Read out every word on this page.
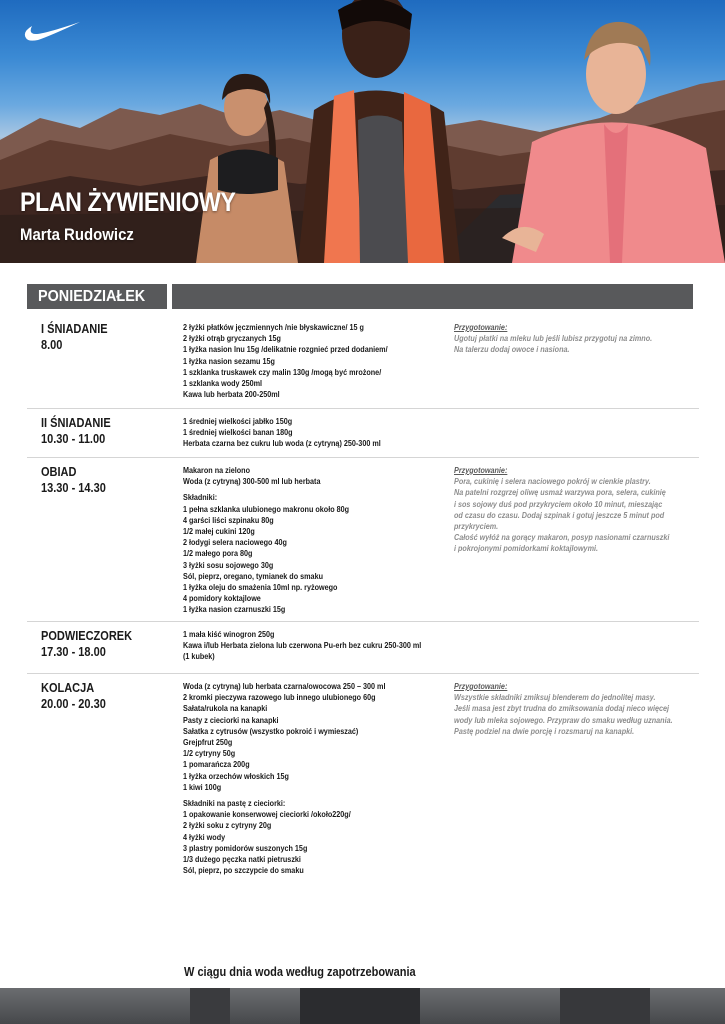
PLAN ŻYWIENIOWY
Marta Rudowicz
PONIEDZIAŁEK
I ŚNIADANIE
8.00
2 łyżki płatków jęczmiennych /nie błyskawiczne/ 15 g
2 łyżki otrąb gryczanych 15g
1 łyżka nasion lnu 15g /delikatnie rozgnieć przed dodaniem/
1 łyżka nasion sezamu 15g
1 szklanka truskawek czy malin 130g /mogą być mrożone/
1 szklanka wody 250ml
Kawa lub herbata 200-250ml
Przygotowanie:
Ugotuj płatki na mleku lub jeśli lubisz przygotuj na zimno.
Na talerzu dodaj owoce i nasiona.
II ŚNIADANIE
10.30 - 11.00
1 średniej wielkości jabłko 150g
1 średniej wielkości banan 180g
Herbata czarna bez cukru lub woda (z cytryną) 250-300 ml
OBIAD
13.30 - 14.30
Makaron na zielono
Woda (z cytryną) 300-500 ml lub herbata
Składniki:
1 pełna szklanka ulubionego makronu około 80g
4 garści liści szpinaku 80g
1/2 małej cukini 120g
2 łodygi selera naciowego 40g
1/2 małego pora 80g
3 łyżki sosu sojowego 30g
Sól, pieprz, oregano, tymianek do smaku
1 łyżka oleju do smażenia 10ml np. ryżowego
4 pomidory koktajlowe
1 łyżka nasion czarnuszki 15g
Przygotowanie:
Pora, cukinię i selera naciowego pokrój w cienkie plastry.
Na patelni rozgrzej oliwę usmaż warzywa pora, selera, cukinię
i sos sojowy duś pod przykryciem około 10 minut, mieszając
od czasu do czasu. Dodaj szpinak i gotuj jeszcze 5 minut pod
przykryciem.
Całość wyłóż na gorący makaron, posyp nasionami czarnuszki
i pokrojonymi pomidorkami koktajlowymi.
PODWIECZOREK
17.30 - 18.00
1 mała kiść winogron 250g
Kawa i/lub Herbata zielona lub czerwona Pu-erh bez cukru 250-300 ml
(1 kubek)
KOLACJA
20.00 - 20.30
Woda (z cytryną) lub herbata czarna/owocowa 250 – 300 ml
2 kromki pieczywa razowego lub innego ulubionego 60g
Sałata/rukola na kanapki
Pasty z cieciorki na kanapki
Sałatka z cytrusów (wszystko pokroić i wymieszać)
Grejpfrut 250g
1/2 cytryny 50g
1 pomarańcza 200g
1 łyżka orzechów włoskich 15g
1 kiwi 100g
Składniki na pastę z cieciorki:
1 opakowanie konserwowej cieciorki /około220g/
2 łyżki soku z cytryny 20g
4 łyżki wody
3 plastry pomidorów suszonych 15g
1/3 dużego pęczka natki pietruszki
Sól, pieprz, po szczypcie do smaku
Przygotowanie:
Wszystkie składniki zmiksuj blenderem do jednolitej masy.
Jeśli masa jest zbyt trudna do zmiksowania dodaj nieco więcej
wody lub mleka sojowego. Przypraw do smaku według uznania.
Pastę podziel na dwie porcję i rozsmaruj na kanapki.
W ciągu dnia woda według zapotrzebowania
